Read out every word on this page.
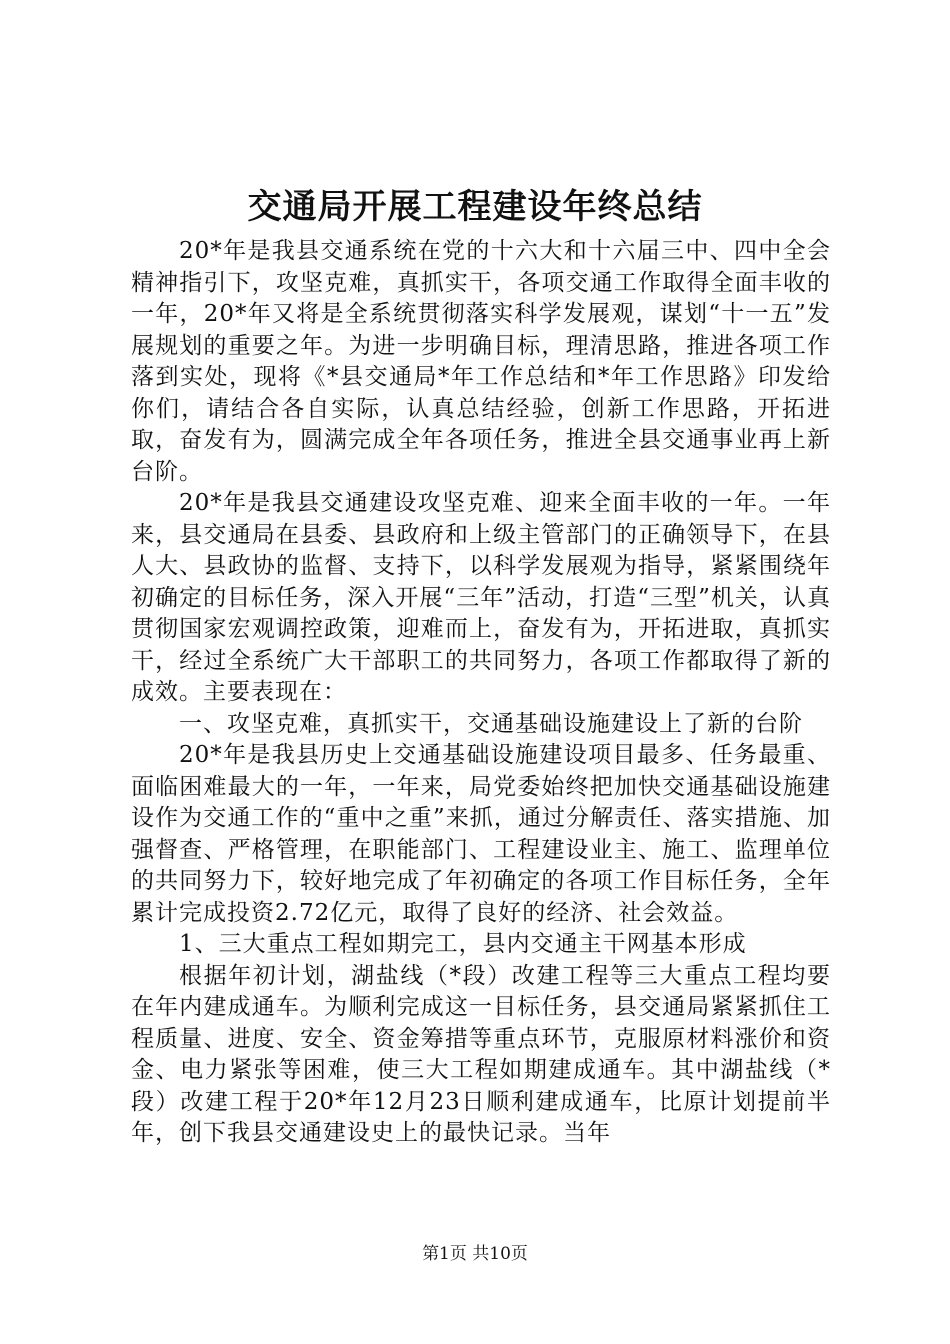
交通局开展工程建设年终总结

20*年是我县交通系统在党的十六大和十六届三中、四中全会精神指引下，攻坚克难，真抓实干，各项交通工作取得全面丰收的一年，20*年又将是全系统贯彻落实科学发展观，谋划“十一五”发展规划的重要之年。为进一步明确目标，理清思路，推进各项工作落到实处，现将《*县交通局*年工作总结和*年工作思路》印发给你们，请结合各自实际，认真总结经验，创新工作思路，开拓进取，奋发有为，圆满完成全年各项任务，推进全县交通事业再上新台阶。

20*年是我县交通建设攻坚克难、迎来全面丰收的一年。一年来，县交通局在县委、县政府和上级主管部门的正确领导下，在县人大、县政协的监督、支持下，以科学发展观为指导，紧紧围绕年初确定的目标任务，深入开展“三年”活动，打造“三型”机关，认真贯彻国家宏观调控政策，迎难而上，奋发有为，开拓进取，真抓实干，经过全系统广大干部职工的共同努力，各项工作都取得了新的成效。主要表现在：

一、攻坚克难，真抓实干，交通基础设施建设上了新的台阶

20*年是我县历史上交通基础设施建设项目最多、任务最重、面临困难最大的一年，一年来，局党委始终把加快交通基础设施建设作为交通工作的“重中之重”来抓，通过分解责任、落实措施、加强督查、严格管理，在职能部门、工程建设业主、施工、监理单位的共同努力下，较好地完成了年初确定的各项工作目标任务，全年累计完成投资2.72亿元，取得了良好的经济、社会效益。

1、三大重点工程如期完工，县内交通主干网基本形成

根据年初计划，湖盐线（*段）改建工程等三大重点工程均要在年内建成通车。为顺利完成这一目标任务，县交通局紧紧抓住工程质量、进度、安全、资金筹措等重点环节，克服原材料涨价和资金、电力紧张等困难，使三大工程如期建成通车。其中湖盐线（*段）改建工程于20*年12月23日顺利建成通车，比原计划提前半年，创下我县交通建设史上的最快记录。当年

第1页 共10页
